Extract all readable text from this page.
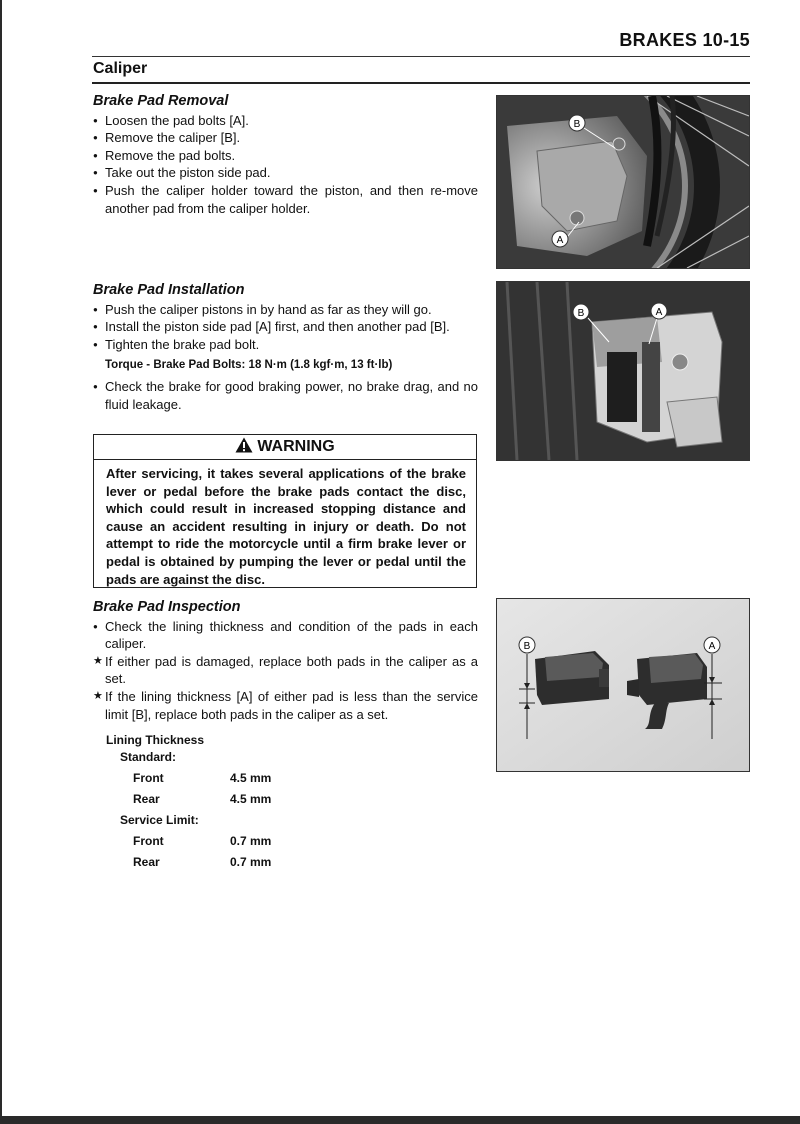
BRAKES 10-15
Caliper
Brake Pad Removal
● Loosen the pad bolts [A].
● Remove the caliper [B].
● Remove the pad bolts.
● Take out the piston side pad.
● Push the caliper holder toward the piston, and then re-move another pad from the caliper holder.
Brake Pad Installation
● Push the caliper pistons in by hand as far as they will go.
● Install the piston side pad [A] first, and then another pad [B].
● Tighten the brake pad bolt.
Torque - Brake Pad Bolts: 18 N·m (1.8 kgf·m, 13 ft·lb)
● Check the brake for good braking power, no brake drag, and no fluid leakage.
WARNING
After servicing, it takes several applications of the brake lever or pedal before the brake pads contact the disc, which could result in increased stopping distance and cause an accident resulting in injury or death. Do not attempt to ride the motorcycle until a firm brake lever or pedal is obtained by pumping the lever or pedal until the pads are against the disc.
Brake Pad Inspection
● Check the lining thickness and condition of the pads in each caliper.
★ If either pad is damaged, replace both pads in the caliper as a set.
★ If the lining thickness [A] of either pad is less than the service limit [B], replace both pads in the caliper as a set.
Lining Thickness
Standard:
Front	4.5 mm
Rear	4.5 mm
Service Limit:
Front	0.7 mm
Rear	0.7 mm
B
A
B	A
B	A
